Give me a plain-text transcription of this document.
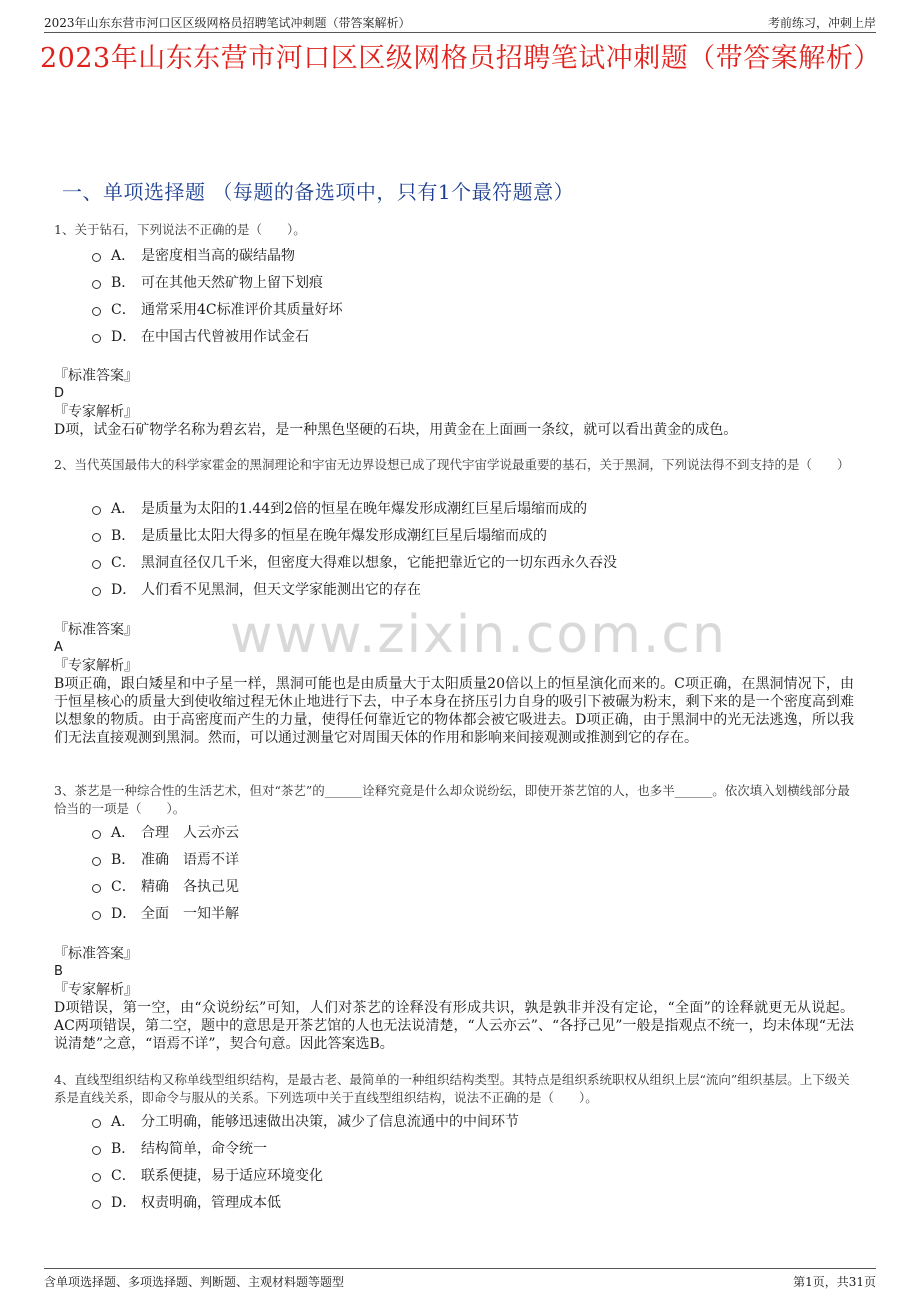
2023年山东东营市河口区区级网格员招聘笔试冲刺题（带答案解析）	考前练习，冲刺上岸
2023年山东东营市河口区区级网格员招聘笔试冲刺题（带答案解析）
一、单项选择题 （每题的备选项中，只有1个最符题意）
www.zixin.com.cn
1、关于钻石，下列说法不正确的是（　　）。
A． 是密度相当高的碳结晶物
B． 可在其他天然矿物上留下划痕
C． 通常采用4C标准评价其质量好坏
D． 在中国古代曾被用作试金石
『标准答案』
D
『专家解析』
D项，试金石矿物学名称为碧玄岩，是一种黑色坚硬的石块，用黄金在上面画一条纹，就可以看出黄金的成色。
2、当代英国最伟大的科学家霍金的黑洞理论和宇宙无边界设想已成了现代宇宙学说最重要的基石，关于黑洞，下列说法得不到支持的是（　　）
A． 是质量为太阳的1.44到2倍的恒星在晚年爆发形成潮红巨星后塌缩而成的
B． 是质量比太阳大得多的恒星在晚年爆发形成潮红巨星后塌缩而成的
C． 黑洞直径仅几千米，但密度大得难以想象，它能把靠近它的一切东西永久吞没
D． 人们看不见黑洞，但天文学家能测出它的存在
『标准答案』
A
『专家解析』
B项正确，跟白矮星和中子星一样，黑洞可能也是由质量大于太阳质量20倍以上的恒星演化而来的。C项正确，在黑洞情况下，由于恒星核心的质量大到使收缩过程无休止地进行下去，中子本身在挤压引力自身的吸引下被碾为粉末，剩下来的是一个密度高到难以想象的物质。由于高密度而产生的力量，使得任何靠近它的物体都会被它吸进去。D项正确，由于黑洞中的光无法逃逸，所以我们无法直接观测到黑洞。然而，可以通过测量它对周围天体的作用和影响来间接观测或推测到它的存在。
3、茶艺是一种综合性的生活艺术，但对“茶艺”的______诠释究竟是什么却众说纷纭，即使开茶艺馆的人，也多半______。依次填入划横线部分最恰当的一项是（　　）。
A． 合理　人云亦云
B． 准确　语焉不详
C． 精确　各执己见
D． 全面　一知半解
『标准答案』
B
『专家解析』
D项错误，第一空，由“众说纷纭”可知，人们对茶艺的诠释没有形成共识，孰是孰非并没有定论，“全面”的诠释就更无从说起。AC两项错误，第二空，题中的意思是开茶艺馆的人也无法说清楚，“人云亦云”、“各抒己见”一般是指观点不统一，均未体现“无法说清楚”之意，“语焉不详”，契合句意。因此答案选B。
4、直线型组织结构又称单线型组织结构，是最古老、最简单的一种组织结构类型。其特点是组织系统职权从组织上层“流向”组织基层。上下级关系是直线关系，即命令与服从的关系。下列选项中关于直线型组织结构，说法不正确的是（　　）。
A． 分工明确，能够迅速做出决策，减少了信息流通中的中间环节
B． 结构简单，命令统一
C． 联系便捷，易于适应环境变化
D． 权责明确，管理成本低
含单项选择题、多项选择题、判断题、主观材料题等题型	第1页，共31页
